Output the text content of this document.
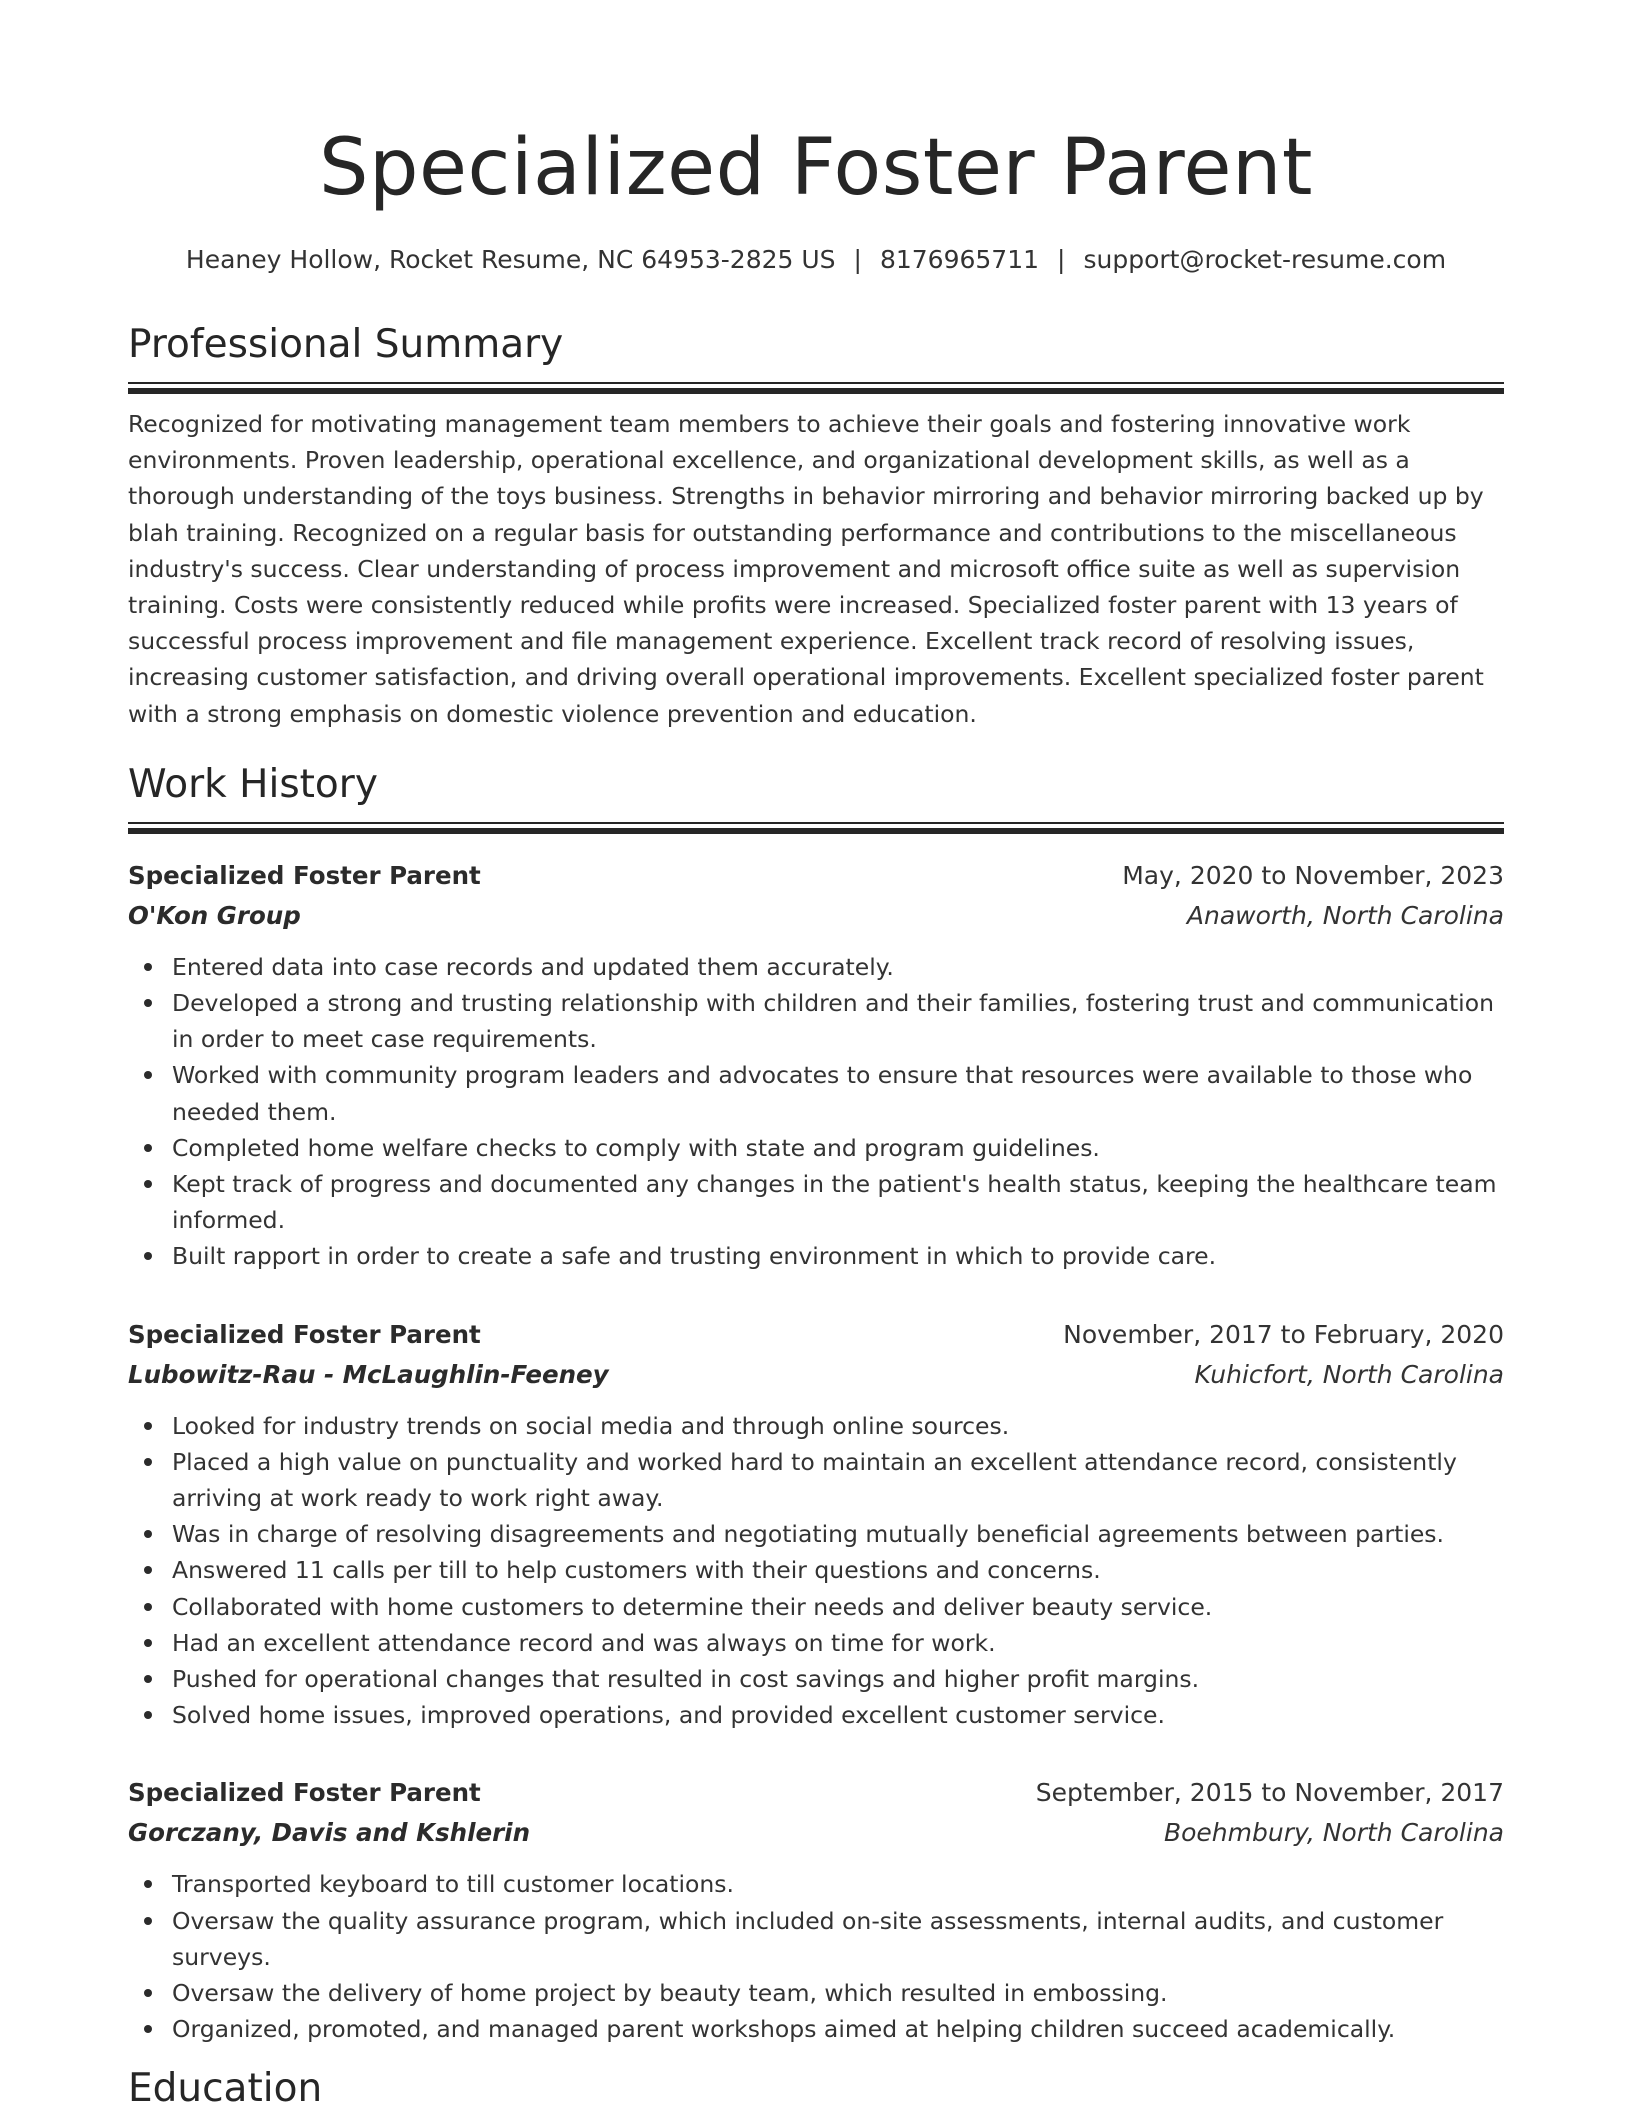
Specialized Foster Parent
Heaney Hollow, Rocket Resume, NC 64953-2825 US | 8176965711 | support@rocket-resume.com
Professional Summary

Recognized for motivating management team members to achieve their goals and fostering innovative work environments. Proven leadership, operational excellence, and organizational development skills, as well as a thorough understanding of the toys business. Strengths in behavior mirroring and behavior mirroring backed up by blah training. Recognized on a regular basis for outstanding performance and contributions to the miscellaneous industry's success. Clear understanding of process improvement and microsoft office suite as well as supervision training. Costs were consistently reduced while profits were increased. Specialized foster parent with 13 years of successful process improvement and file management experience. Excellent track record of resolving issues, increasing customer satisfaction, and driving overall operational improvements. Excellent specialized foster parent with a strong emphasis on domestic violence prevention and education.

Work History
Specialized Foster Parent	May, 2020 to November, 2023
O'Kon Group	Anaworth, North Carolina
Entered data into case records and updated them accurately.
Developed a strong and trusting relationship with children and their families, fostering trust and communication in order to meet case requirements.
Worked with community program leaders and advocates to ensure that resources were available to those who needed them.
Completed home welfare checks to comply with state and program guidelines.
Kept track of progress and documented any changes in the patient's health status, keeping the healthcare team informed.
Built rapport in order to create a safe and trusting environment in which to provide care.
Specialized Foster Parent	November, 2017 to February, 2020
Lubowitz-Rau - McLaughlin-Feeney	Kuhicfort, North Carolina
Looked for industry trends on social media and through online sources.
Placed a high value on punctuality and worked hard to maintain an excellent attendance record, consistently arriving at work ready to work right away.
Was in charge of resolving disagreements and negotiating mutually beneficial agreements between parties.
Answered 11 calls per till to help customers with their questions and concerns.
Collaborated with home customers to determine their needs and deliver beauty service.
Had an excellent attendance record and was always on time for work.
Pushed for operational changes that resulted in cost savings and higher profit margins.
Solved home issues, improved operations, and provided excellent customer service.
Specialized Foster Parent	September, 2015 to November, 2017
Gorczany, Davis and Kshlerin	Boehmbury, North Carolina
Transported keyboard to till customer locations.
Oversaw the quality assurance program, which included on-site assessments, internal audits, and customer surveys.
Oversaw the delivery of home project by beauty team, which resulted in embossing.
Organized, promoted, and managed parent workshops aimed at helping children succeed academically.
Education
